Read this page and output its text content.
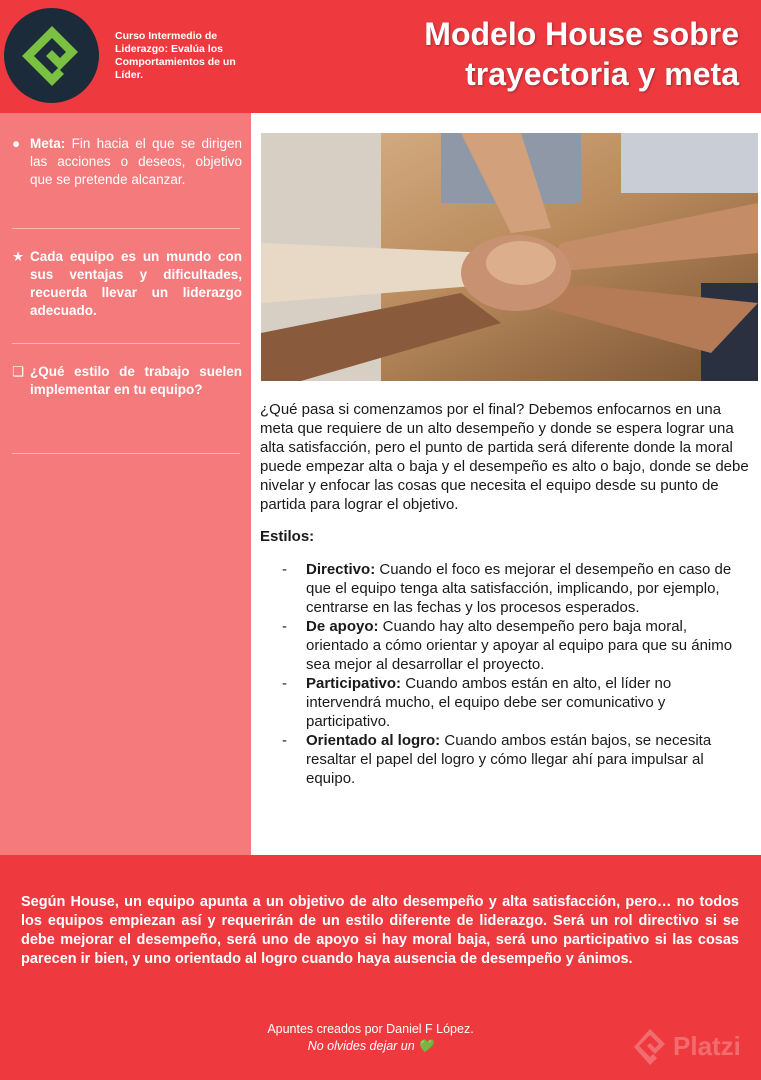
Curso Intermedio de Liderazgo: Evalúa los Comportamientos de un Líder.
Modelo House sobre
trayectoria y meta
● Meta: Fin hacia el que se dirigen las acciones o deseos, objetivo que se pretende alcanzar.
★ Cada equipo es un mundo con sus ventajas y dificultades, recuerda llevar un liderazgo adecuado.
❏ ¿Qué estilo de trabajo suelen implementar en tu equipo?
¿Qué pasa si comenzamos por el final? Debemos enfocarnos en una meta que requiere de un alto desempeño y donde se espera lograr una alta satisfacción, pero el punto de partida será diferente donde la moral puede empezar alta o baja y el desempeño es alto o bajo, donde se debe nivelar y enfocar las cosas que necesita el equipo desde su punto de partida para lograr el objetivo.
Estilos:
- Directivo: Cuando el foco es mejorar el desempeño en caso de que el equipo tenga alta satisfacción, implicando, por ejemplo, centrarse en las fechas y los procesos esperados.
- De apoyo: Cuando hay alto desempeño pero baja moral, orientado a cómo orientar y apoyar al equipo para que su ánimo sea mejor al desarrollar el proyecto.
- Participativo: Cuando ambos están en alto, el líder no intervendrá mucho, el equipo debe ser comunicativo y participativo.
- Orientado al logro: Cuando ambos están bajos, se necesita resaltar el papel del logro y cómo llegar ahí para impulsar al equipo.
Según House, un equipo apunta a un objetivo de alto desempeño y alta satisfacción, pero… no todos los equipos empiezan así y requerirán de un estilo diferente de liderazgo. Será un rol directivo si se debe mejorar el desempeño, será uno de apoyo si hay moral baja, será uno participativo si las cosas parecen ir bien, y uno orientado al logro cuando haya ausencia de desempeño y ánimos.
Apuntes creados por Daniel F López.
No olvides dejar un 💚	Platzi
